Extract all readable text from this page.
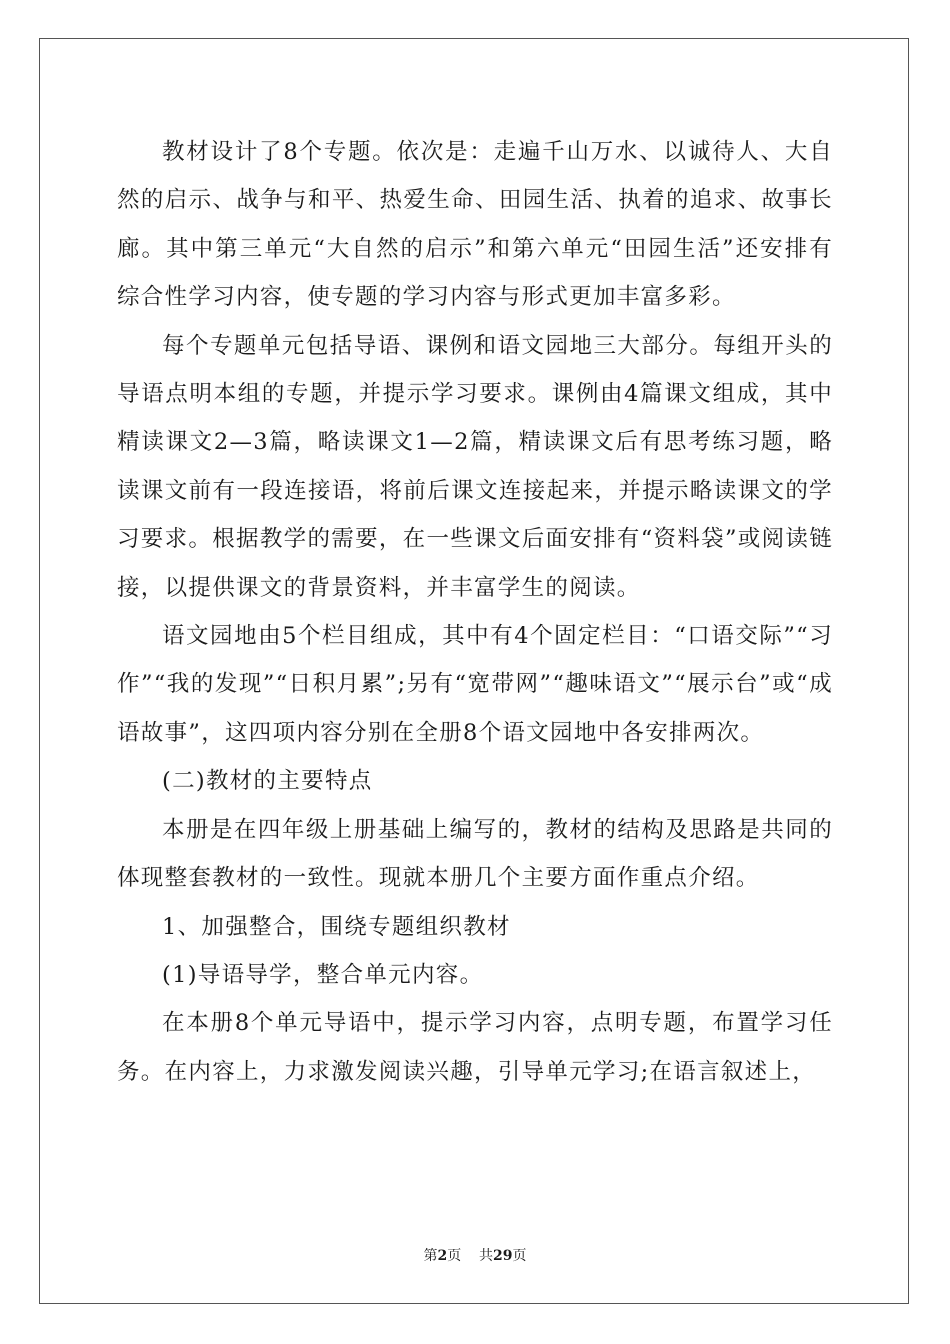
教材设计了8个专题。依次是：走遍千山万水、以诚待人、大自然的启示、战争与和平、热爱生命、田园生活、执着的追求、故事长廊。其中第三单元“大自然的启示”和第六单元“田园生活”还安排有综合性学习内容，使专题的学习内容与形式更加丰富多彩。

每个专题单元包括导语、课例和语文园地三大部分。每组开头的导语点明本组的专题，并提示学习要求。课例由4篇课文组成，其中精读课文2—3篇，略读课文1—2篇，精读课文后有思考练习题，略读课文前有一段连接语，将前后课文连接起来，并提示略读课文的学习要求。根据教学的需要，在一些课文后面安排有“资料袋”或阅读链接，以提供课文的背景资料，并丰富学生的阅读。

语文园地由5个栏目组成，其中有4个固定栏目：“口语交际”“习作”“我的发现”“日积月累”;另有“宽带网”“趣味语文”“展示台”或“成语故事”，这四项内容分别在全册8个语文园地中各安排两次。

(二)教材的主要特点

本册是在四年级上册基础上编写的，教材的结构及思路是共同的体现整套教材的一致性。现就本册几个主要方面作重点介绍。

1、加强整合，围绕专题组织教材

(1)导语导学，整合单元内容。

在本册8个单元导语中，提示学习内容，点明专题，布置学习任务。在内容上，力求激发阅读兴趣，引导单元学习;在语言叙述上，

第2页 共29页
